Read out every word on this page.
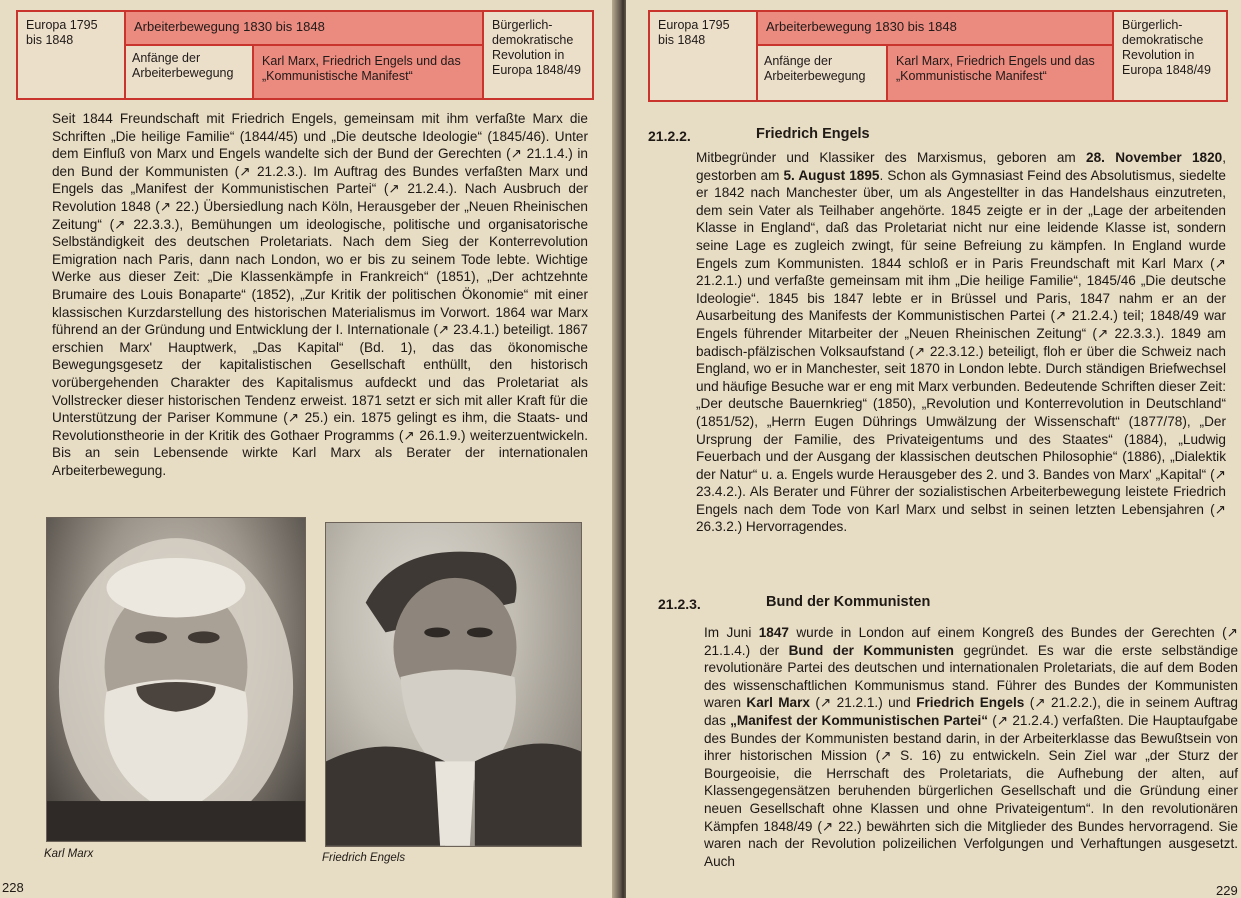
Europa 1795 bis 1848
Arbeiterbewegung 1830 bis 1848
Anfänge der Arbeiterbewegung
Karl Marx, Friedrich Engels und das „Kommunistische Manifest“
Bürgerlich-demokratische Revolution in Europa 1848/49

Seit 1844 Freundschaft mit Friedrich Engels, gemeinsam mit ihm verfaßte Marx die Schriften „Die heilige Familie“ (1844/45) und „Die deutsche Ideologie“ (1845/46). Unter dem Einfluß von Marx und Engels wandelte sich der Bund der Gerechten (↗ 21.1.4.) in den Bund der Kommunisten (↗ 21.2.3.). Im Auftrag des Bundes verfaßten Marx und Engels das „Manifest der Kommunistischen Partei“ (↗ 21.2.4.). Nach Ausbruch der Revolution 1848 (↗ 22.) Übersiedlung nach Köln, Herausgeber der „Neuen Rheinischen Zeitung“ (↗ 22.3.3.), Bemühungen um ideologische, politische und organisatorische Selbständigkeit des deutschen Proletariats. Nach dem Sieg der Konterrevolution Emigration nach Paris, dann nach London, wo er bis zu seinem Tode lebte. Wichtige Werke aus dieser Zeit: „Die Klassenkämpfe in Frankreich“ (1851), „Der achtzehnte Brumaire des Louis Bonaparte“ (1852), „Zur Kritik der politischen Ökonomie“ mit einer klassischen Kurzdarstellung des historischen Materialismus im Vorwort. 1864 war Marx führend an der Gründung und Entwicklung der I. Internationale (↗ 23.4.1.) beteiligt. 1867 erschien Marx' Hauptwerk, „Das Kapital“ (Bd. 1), das das ökonomische Bewegungsgesetz der kapitalistischen Gesellschaft enthüllt, den historisch vorübergehenden Charakter des Kapitalismus aufdeckt und das Proletariat als Vollstrecker dieser historischen Tendenz erweist. 1871 setzt er sich mit aller Kraft für die Unterstützung der Pariser Kommune (↗ 25.) ein. 1875 gelingt es ihm, die Staats- und Revolutionstheorie in der Kritik des Gothaer Programms (↗ 26.1.9.) weiterzuentwickeln. Bis an sein Lebensende wirkte Karl Marx als Berater der internationalen Arbeiterbewegung.

Karl Marx	Friedrich Engels
228
Europa 1795 bis 1848
Arbeiterbewegung 1830 bis 1848
Anfänge der Arbeiterbewegung
Karl Marx, Friedrich Engels und das „Kommunistische Manifest“
Bürgerlich-demokratische Revolution in Europa 1848/49
21.2.2.	Friedrich Engels

Mitbegründer und Klassiker des Marxismus, geboren am 28. November 1820, gestorben am 5. August 1895. Schon als Gymnasiast Feind des Absolutismus, siedelte er 1842 nach Manchester über, um als Angestellter in das Handelshaus einzutreten, dem sein Vater als Teilhaber angehörte. 1845 zeigte er in der „Lage der arbeitenden Klasse in England“, daß das Proletariat nicht nur eine leidende Klasse ist, sondern seine Lage es zugleich zwingt, für seine Befreiung zu kämpfen. In England wurde Engels zum Kommunisten. 1844 schloß er in Paris Freundschaft mit Karl Marx (↗ 21.2.1.) und verfaßte gemeinsam mit ihm „Die heilige Familie“, 1845/46 „Die deutsche Ideologie“. 1845 bis 1847 lebte er in Brüssel und Paris, 1847 nahm er an der Ausarbeitung des Manifests der Kommunistischen Partei (↗ 21.2.4.) teil; 1848/49 war Engels führender Mitarbeiter der „Neuen Rheinischen Zeitung“ (↗ 22.3.3.). 1849 am badisch-pfälzischen Volksaufstand (↗ 22.3.12.) beteiligt, floh er über die Schweiz nach England, wo er in Manchester, seit 1870 in London lebte. Durch ständigen Briefwechsel und häufige Besuche war er eng mit Marx verbunden. Bedeutende Schriften dieser Zeit: „Der deutsche Bauernkrieg“ (1850), „Revolution und Konterrevolution in Deutschland“ (1851/52), „Herrn Eugen Dührings Umwälzung der Wissenschaft“ (1877/78), „Der Ursprung der Familie, des Privateigentums und des Staates“ (1884), „Ludwig Feuerbach und der Ausgang der klassischen deutschen Philosophie“ (1886), „Dialektik der Natur“ u. a. Engels wurde Herausgeber des 2. und 3. Bandes von Marx' „Kapital“ (↗ 23.4.2.). Als Berater und Führer der sozialistischen Arbeiterbewegung leistete Friedrich Engels nach dem Tode von Karl Marx und selbst in seinen letzten Lebensjahren (↗ 26.3.2.) Hervorragendes.

21.2.3.	Bund der Kommunisten

Im Juni 1847 wurde in London auf einem Kongreß des Bundes der Gerechten (↗ 21.1.4.) der Bund der Kommunisten gegründet. Es war die erste selbständige revolutionäre Partei des deutschen und internationalen Proletariats, die auf dem Boden des wissenschaftlichen Kommunismus stand. Führer des Bundes der Kommunisten waren Karl Marx (↗ 21.2.1.) und Friedrich Engels (↗ 21.2.2.), die in seinem Auftrag das „Manifest der Kommunistischen Partei“ (↗ 21.2.4.) verfaßten. Die Hauptaufgabe des Bundes der Kommunisten bestand darin, in der Arbeiterklasse das Bewußtsein von ihrer historischen Mission (↗ S. 16) zu entwickeln. Sein Ziel war „der Sturz der Bourgeoisie, die Herrschaft des Proletariats, die Aufhebung der alten, auf Klassengegensätzen beruhenden bürgerlichen Gesellschaft und die Gründung einer neuen Gesellschaft ohne Klassen und ohne Privateigentum“. In den revolutionären Kämpfen 1848/49 (↗ 22.) bewährten sich die Mitglieder des Bundes hervorragend. Sie waren nach der Revolution polizeilichen Verfolgungen und Verhaftungen ausgesetzt. Auch

229
